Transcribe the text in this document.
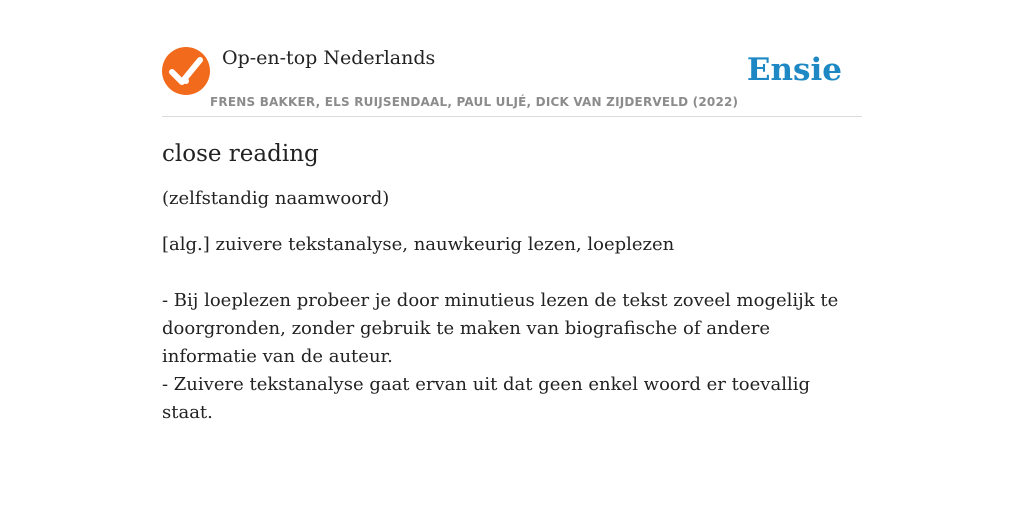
Op-en-top Nederlands
FRENS BAKKER, ELS RUIJSENDAAL, PAUL ULJÉ, DICK VAN ZIJDERVELD (2022)
Ensie
close reading
(zelfstandig naamwoord)
[alg.] zuivere tekstanalyse, nauwkeurig lezen, loeplezen
- Bij loeplezen probeer je door minutieus lezen de tekst zoveel mogelijk te doorgronden, zonder gebruik te maken van biografische of andere informatie van de auteur.
- Zuivere tekstanalyse gaat ervan uit dat geen enkel woord er toevallig staat.
